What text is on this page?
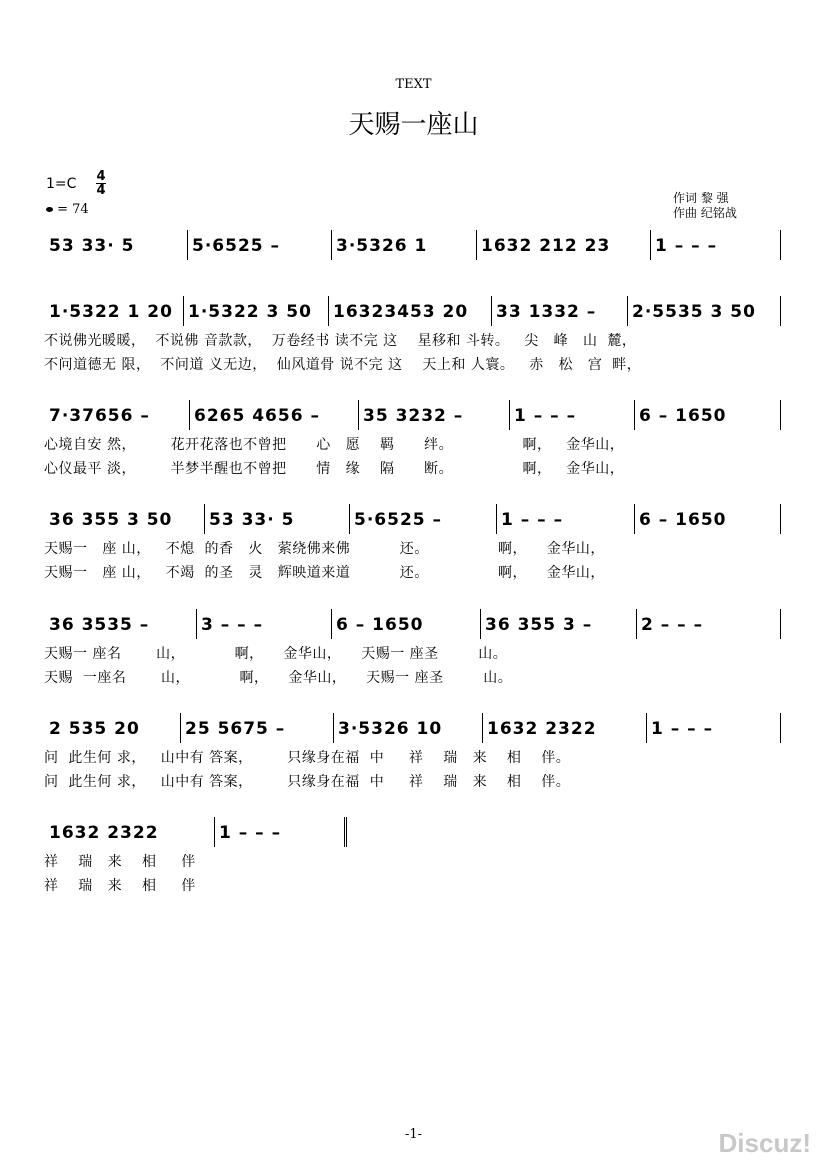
TEXT
天赐一座山
1=C 4
4
= 74
作词 黎 强
作曲 纪铭战
53 33· 5	5·6525 –	3·5326 1	1632 212 23	1 – – –
1·5322 1 20 1·5322 3 50	16323453 20	33 1332 –	2·5535 3 50
不说佛光暖暖，  不说佛 音款款，  万卷经书 读不完 这    星移和 斗转。   尖   峰   山  麓，
不问道德无 限，  不问道 义无边，  仙风道骨 说不完 这    天上和 人寰。   赤   松   宫  畔，
7·37656 –	6265 4656 –	35 3232 –	1 – – –	6 – 1650
心境自安 然，       花开花落也不曾把      心   愿    羁      绊。              啊，   金华山，
心仪最平 淡，       半梦半醒也不曾把      情   缘    隔      断。              啊，   金华山，
36 355 3 50	53 33· 5	5·6525 –	1 – – –	6 – 1650
天赐一   座 山，   不熄  的香   火   萦绕佛来佛          还。              啊，    金华山，
天赐一   座 山，   不竭  的圣   灵   辉映道来道          还。              啊，    金华山，
36 3535 –	3 – – –	6 – 1650	36 355 3 –	2 – – –
天赐一 座名       山，          啊，    金华山，    天赐一 座圣        山。
天赐  一座名       山，          啊，    金华山，    天赐一 座圣        山。
2 535 20	25 5675 –	3·5326 10	1632 2322	1 – – –
问  此生何 求，   山中有 答案，       只缘身在福  中     祥    瑞   来    相    伴。
问  此生何 求，   山中有 答案，       只缘身在福  中     祥    瑞   来    相    伴。
1632 2322	1 – – –
祥    瑞   来    相     伴
祥    瑞   来    相     伴
-1-	Discuz!
